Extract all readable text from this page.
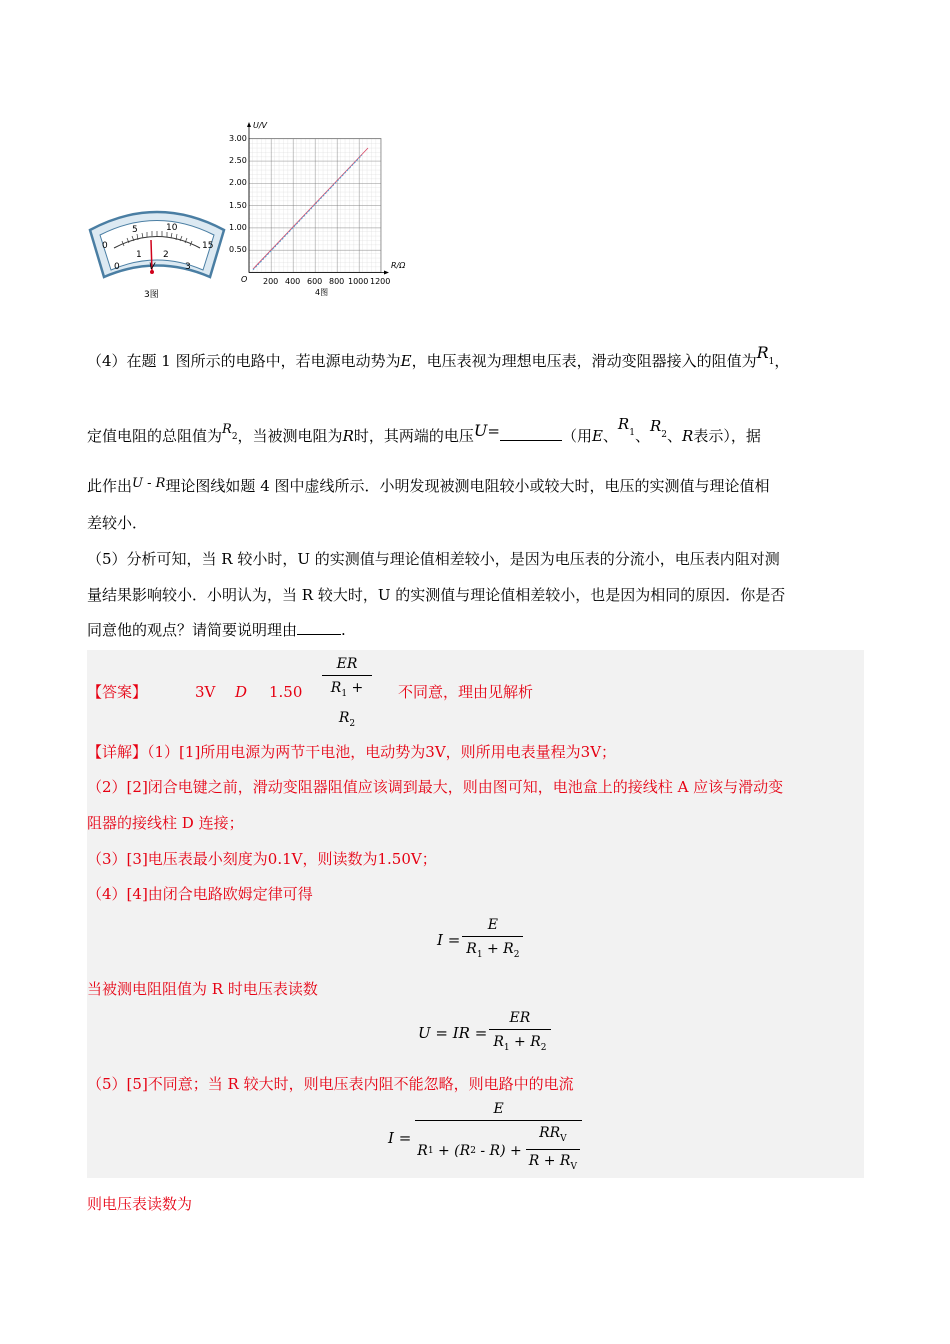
0
5	10
15
0
1 2
3
V
3图
U/V
R/Ω
O
3.00
2.50
2.00
1.50
1.00
0.50
200 400 600 800 1000 1200
4图
（4）在题 1 图所示的电路中，若电源电动势为E，电压表视为理想电压表，滑动变阻器接入的阻值为$R_1$，
定值电阻的总阻值为$R_2$，当被测电阻为R时，其两端的电压U=	（用E、$R_1$、$R_2$、R表示），据
此作出U - R理论图线如题 4 图中虚线所示．小明发现被测电阻较小或较大时，电压的实测值与理论值相
差较小．
（5）分析可知，当 R 较小时，U 的实测值与理论值相差较小，是因为电压表的分流小，电压表内阻对测
量结果影响较小．小明认为，当 R 较大时，U 的实测值与理论值相差较小，也是因为相同的原因．你是否
同意他的观点？请简要说明理由	.
【答案】	3V D $1.50 \frac{ER}{R_1 + R_2}$ 不同意，理由见解析
【详解】（1）[1]所用电源为两节干电池，电动势为3V，则所用电表量程为3V；
（2）[2]闭合电键之前，滑动变阻器阻值应该调到最大，则由图可知，电池盒上的接线柱 A 应该与滑动变
阻器的接线柱 D 连接；
（3）[3]电压表最小刻度为0.1V，则读数为1.50V；
（4）[4]由闭合电路欧姆定律可得
$I = \frac{E}{R_1 + R_2}$
当被测电阻阻值为 R 时电压表读数
U = IR = $\frac{ER}{R_1 + R_2}$
（5）[5]不同意；当 R 较大时，则电压表内阻不能忽略，则电路中的电流
I =
E
R 1
+ (R 2
- R) +
$RR_V$
$R + R_V$
则电压表读数为
